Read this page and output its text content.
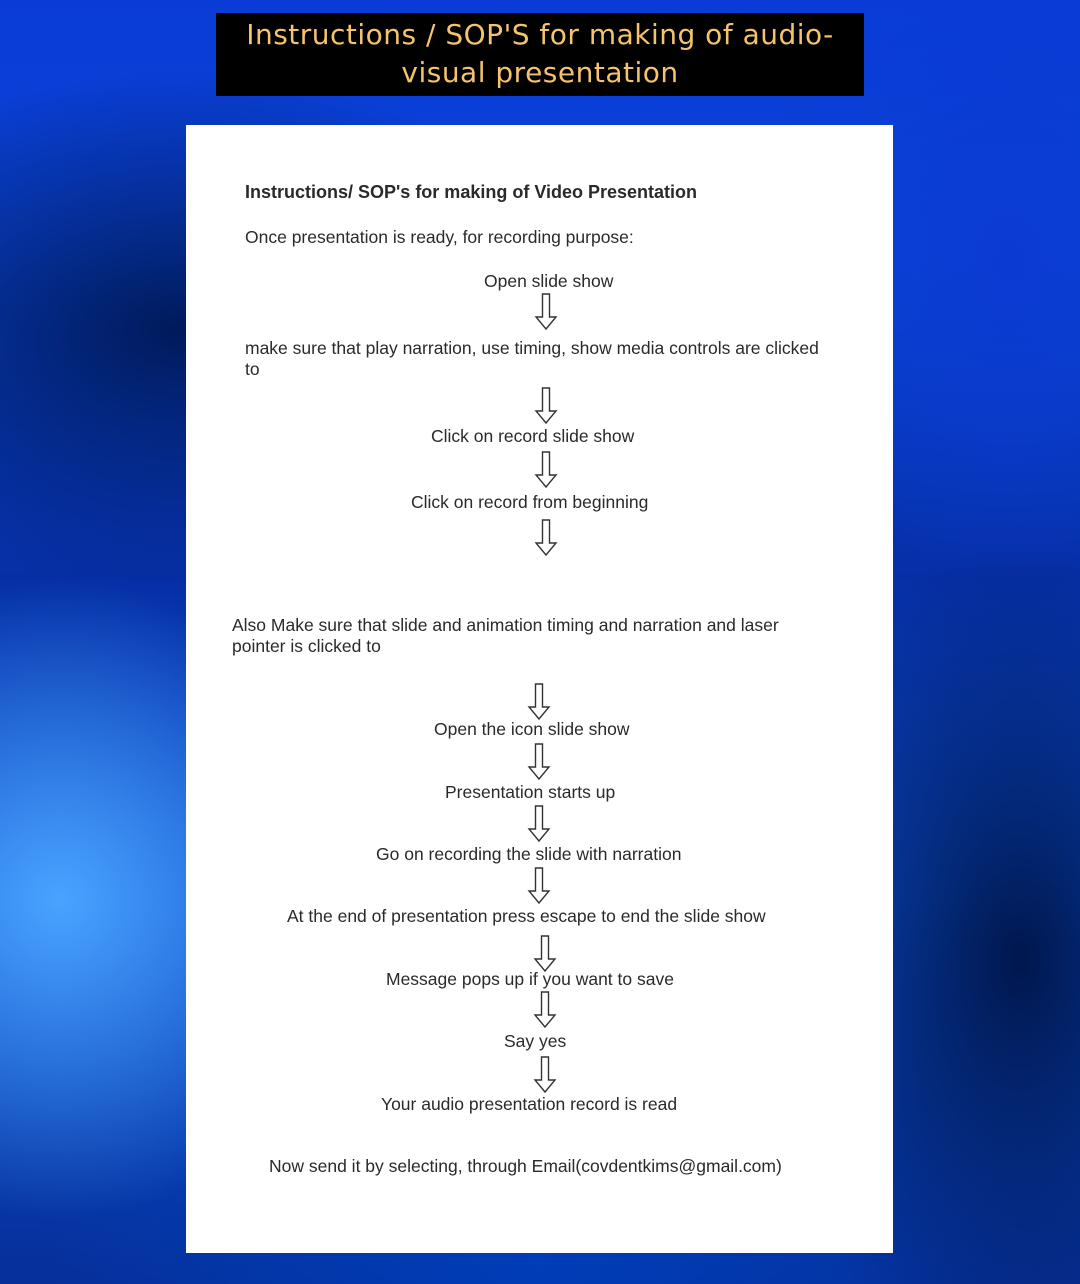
Instructions / SOP'S for making of audio-visual presentation
Instructions/ SOP's for making of Video Presentation
Once presentation is ready, for recording purpose:
Open slide show
make sure that play narration, use timing, show media controls are clicked to
Click on record slide show
Click on record from beginning
Also Make sure that slide and animation timing and narration and laser pointer is clicked to
Open the icon slide show
Presentation starts up
Go on recording the slide with narration
At the end of presentation press escape to end the slide show
Message pops up if you want to save
Say yes
Your audio presentation record is read
Now send it by selecting, through Email(covdentkims@gmail.com)
